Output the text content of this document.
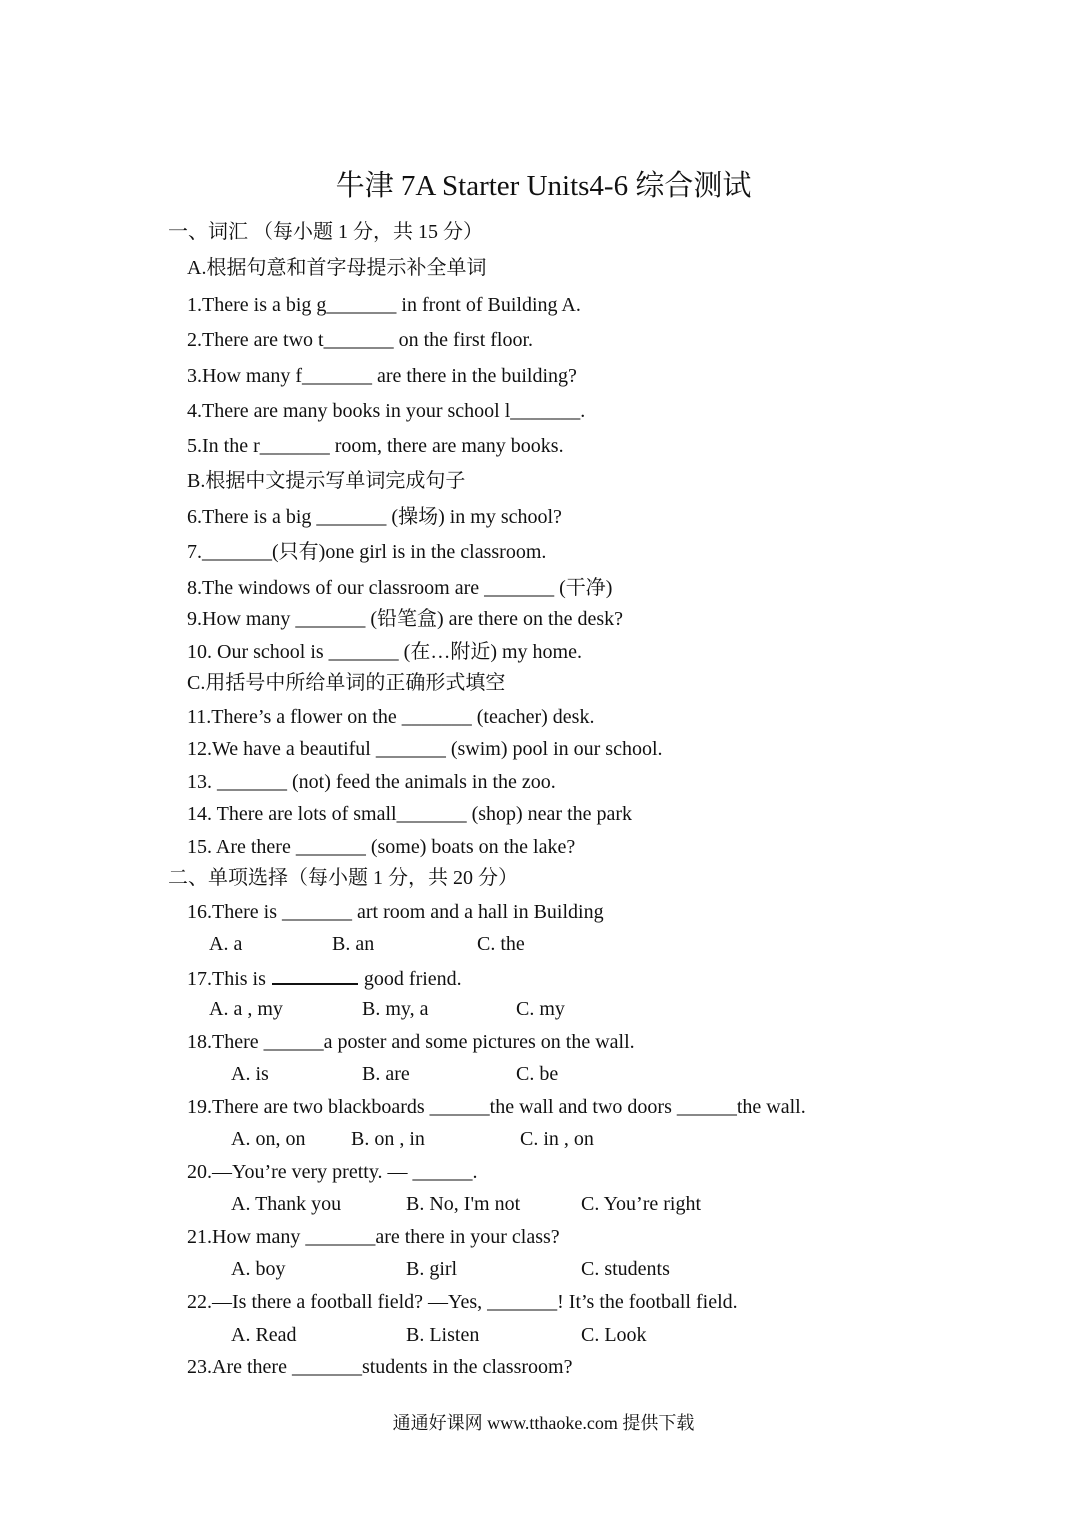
牛津 7A Starter Units4-6 综合测试
一、词汇 （每小题 1 分，共 15 分）
A.根据句意和首字母提示补全单词
1.There is a big g_______ in front of Building A.
2.There are two t_______ on the first floor.
3.How many f_______ are there in the building?
4.There are many books in your school l_______.
5.In the r_______ room, there are many books.
B.根据中文提示写单词完成句子
6.There is a big _______ (操场) in my school?
7._______(只有)one girl is in the classroom.
8.The windows of our classroom are _______ (干净)
9.How many _______ (铅笔盒) are there on the desk?
10. Our school is _______ (在…附近) my home.
C.用括号中所给单词的正确形式填空
11.There’s a flower on the _______ (teacher) desk.
12.We have a beautiful _______ (swim) pool in our school.
13. _______ (not) feed the animals in the zoo.
14. There are lots of small_______ (shop) near the park
15. Are there _______ (some) boats on the lake?
二、单项选择（每小题 1 分，共 20 分）
16.There is _______ art room and a hall in Building
A. a	B. an	C. the
17.This is	good friend.
A. a , my	B. my, a	C. my
18.There ______a poster and some pictures on the wall.
A. is	B. are	C. be
19.There are two blackboards ______the wall and two doors ______the wall.
A. on, on B. on , in	C. in , on
20.—You’re very pretty. — ______.
A. Thank you	B. No, I'm not	C. You’re right
21.How many _______are there in your class?
A. boy	B. girl	C. students
22.—Is there a football field? —Yes, _______! It’s the football field.
A. Read	B. Listen	C. Look
23.Are there _______students in the classroom?
通通好课网 www.tthaoke.com 提供下载
